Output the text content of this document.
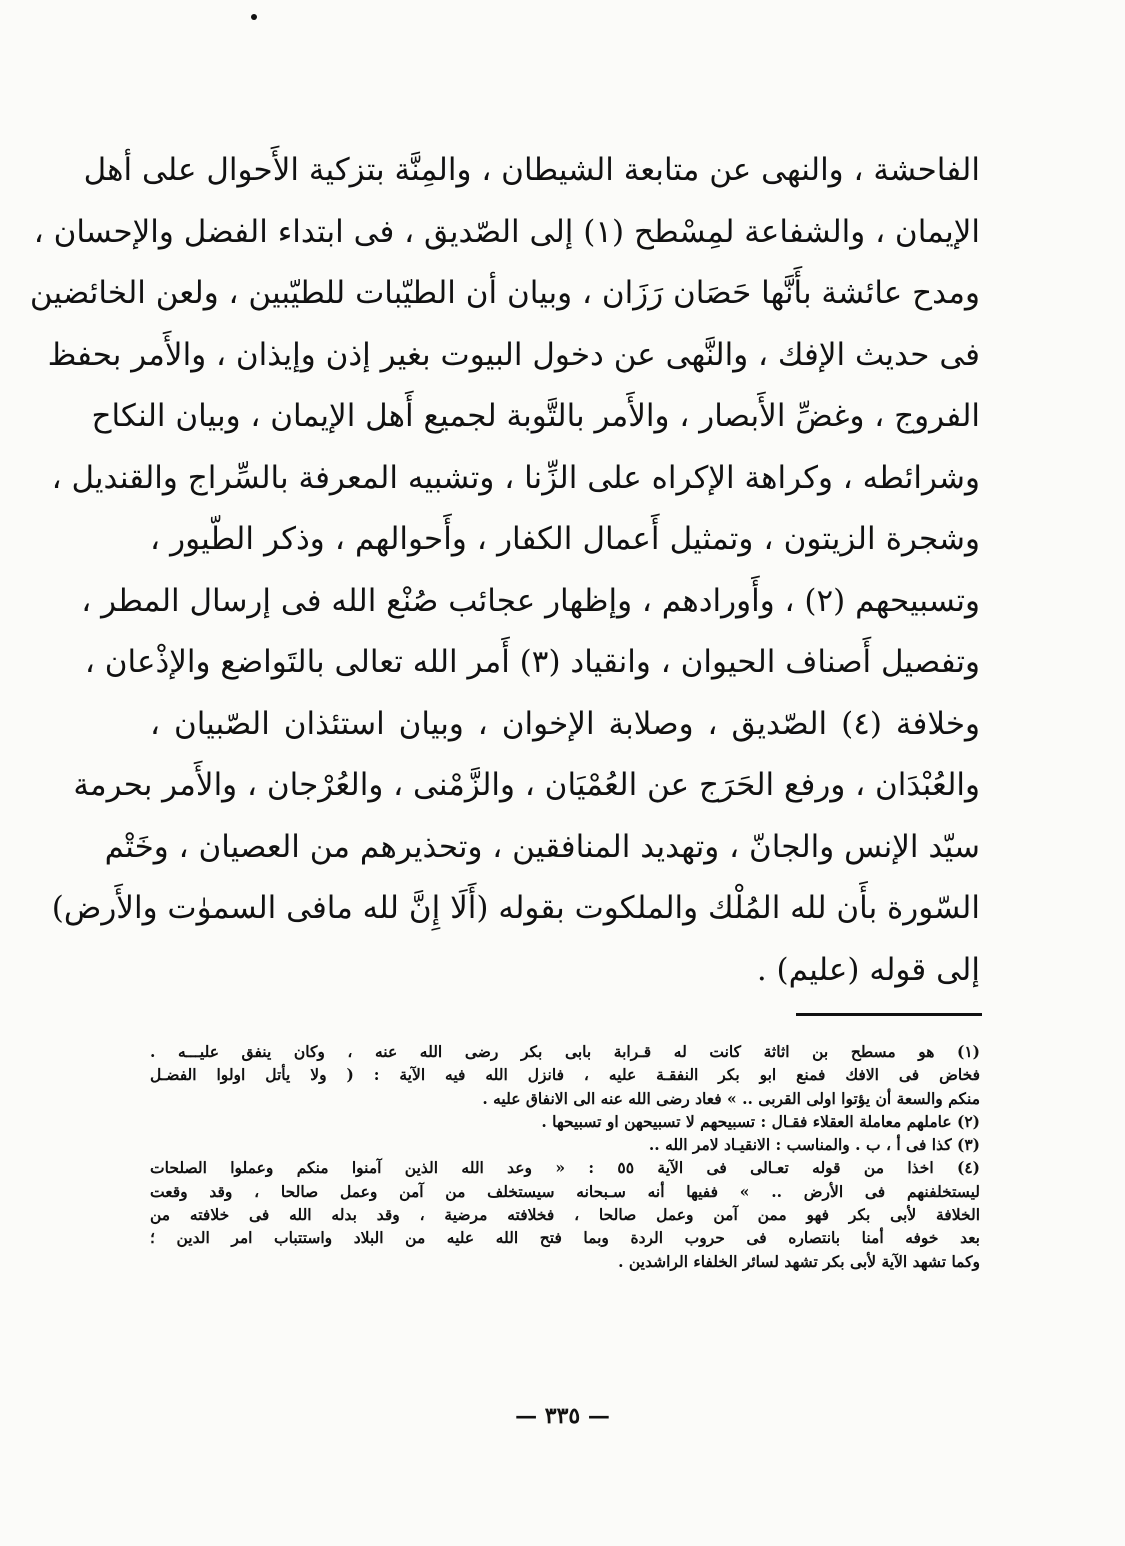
الفاحشة ، والنهى عن متابعة الشيطان ، والمِنَّة بتزكية الأَحوال على أهل
الإيمان ، والشفاعة لمِسْطح (١) إلى الصّديق ، فى ابتداء الفضل والإحسان ،
ومدح عائشة بأَنَّها حَصَان رَزَان ، وبيان أن الطيّبات للطيّبين ، ولعن الخائضين
فى حديث الإفك ، والنَّهى عن دخول البيوت بغير إذن وإيذان ، والأَمر بحفظ
الفروج ، وغضِّ الأَبصار ، والأَمر بالتَّوبة لجميع أَهل الإيمان ، وبيان النكاح
وشرائطه ، وكراهة الإكراه على الزِّنا ، وتشبيه المعرفة بالسِّراج والقنديل ،
وشجرة الزيتون ، وتمثيل أَعمال الكفار ، وأَحوالهم ، وذكر الطّيور ،
وتسبيحهم (٢) ، وأَورادهم ، وإظهار عجائب صُنْع الله فى إرسال المطر ،
وتفصيل أَصناف الحيوان ، وانقياد (٣) أَمر الله تعالى بالتَواضع والإذْعان ،
وخلافة (٤) الصّديق ، وصلابة الإخوان ، وبيان استئذان الصّبيان ،
والعُبْدَان ، ورفع الحَرَج عن العُمْيَان ، والزَّمْنى ، والعُرْجان ، والأَمر بحرمة
سيّد الإنس والجانّ ، وتهديد المنافقين ، وتحذيرهم من العصيان ، وخَتْم
السّورة بأَن لله المُلْك والملكوت بقوله (أَلَا إِنَّ لله مافى السموٰت والأَرض)
إلى قوله (عليم) .
(١) هو مسطح بن اثاثة كانت له قـرابة بابى بكر رضى الله عنه ، وكان ينفق عليـــه .
فخاض فى الافك فمنع ابو بكر النفقـة عليه ، فانزل الله فيه الآية : ( ولا يأتل اولوا الفضـل
منكم والسعة أن يؤتوا اولى القربى .. » فعاد رضى الله عنه الى الانفاق عليه .
(٢) عاملهم معاملة العقلاء فقـال : تسبيحهم لا تسبيحهن او تسبيحها .
(٣) كذا فى أ ، ب . والمناسب : الانقيـاد لامر الله ..
(٤) اخذا من قوله تعـالى فى الآية ٥٥ : « وعد الله الذين آمنوا منكم وعملوا الصلحات
ليستخلفنهم فى الأرض .. » ففيها أنه سـبحانه سيستخلف من آمن وعمل صالحا ، وقد وقعت
الخلافة لأبى بكر فهو ممن آمن وعمل صالحا ، فخلافته مرضية ، وقد بدله الله فى خلافته من
بعد خوفه أمنا بانتصاره فى حروب الردة وبما فتح الله عليه من البلاد واستتباب امر الدين ؛
وكما تشهد الآية لأبى بكر تشهد لسائر الخلفاء الراشدين .
— ٣٣٥ —
